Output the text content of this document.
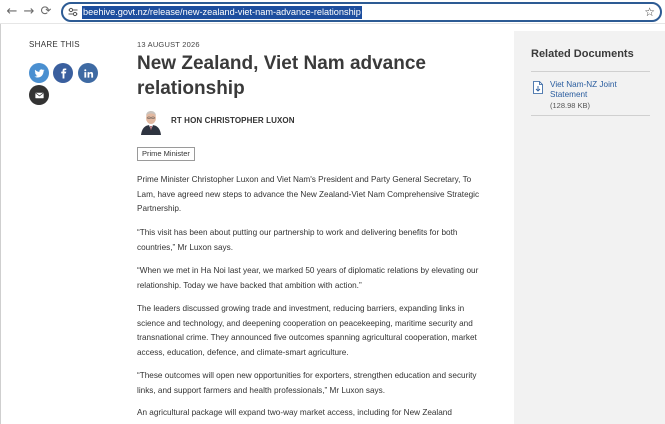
← → ⟳	beehive.govt.nz/release/new-zealand-viet-nam-advance-relationship	☆
SHARE THIS	13 AUGUST 2026
New Zealand, Viet Nam advance relationship
RT HON CHRISTOPHER LUXON
Prime Minister

Prime Minister Christopher Luxon and Viet Nam's President and Party General Secretary, To Lam, have agreed new steps to advance the New Zealand-Viet Nam Comprehensive Strategic Partnership.

“This visit has been about putting our partnership to work and delivering benefits for both countries,” Mr Luxon says.

“When we met in Ha Noi last year, we marked 50 years of diplomatic relations by elevating our relationship. Today we have backed that ambition with action.”

The leaders discussed growing trade and investment, reducing barriers, expanding links in science and technology, and deepening cooperation on peacekeeping, maritime security and transnational crime. They announced five outcomes spanning agricultural cooperation, market access, education, defence, and climate-smart agriculture.

“These outcomes will open new opportunities for exporters, strengthen education and security links, and support farmers and health professionals,” Mr Luxon says.

An agricultural package will expand two-way market access, including for New Zealand

Related Documents
Viet Nam-NZ Joint Statement
(128.98 KB)
